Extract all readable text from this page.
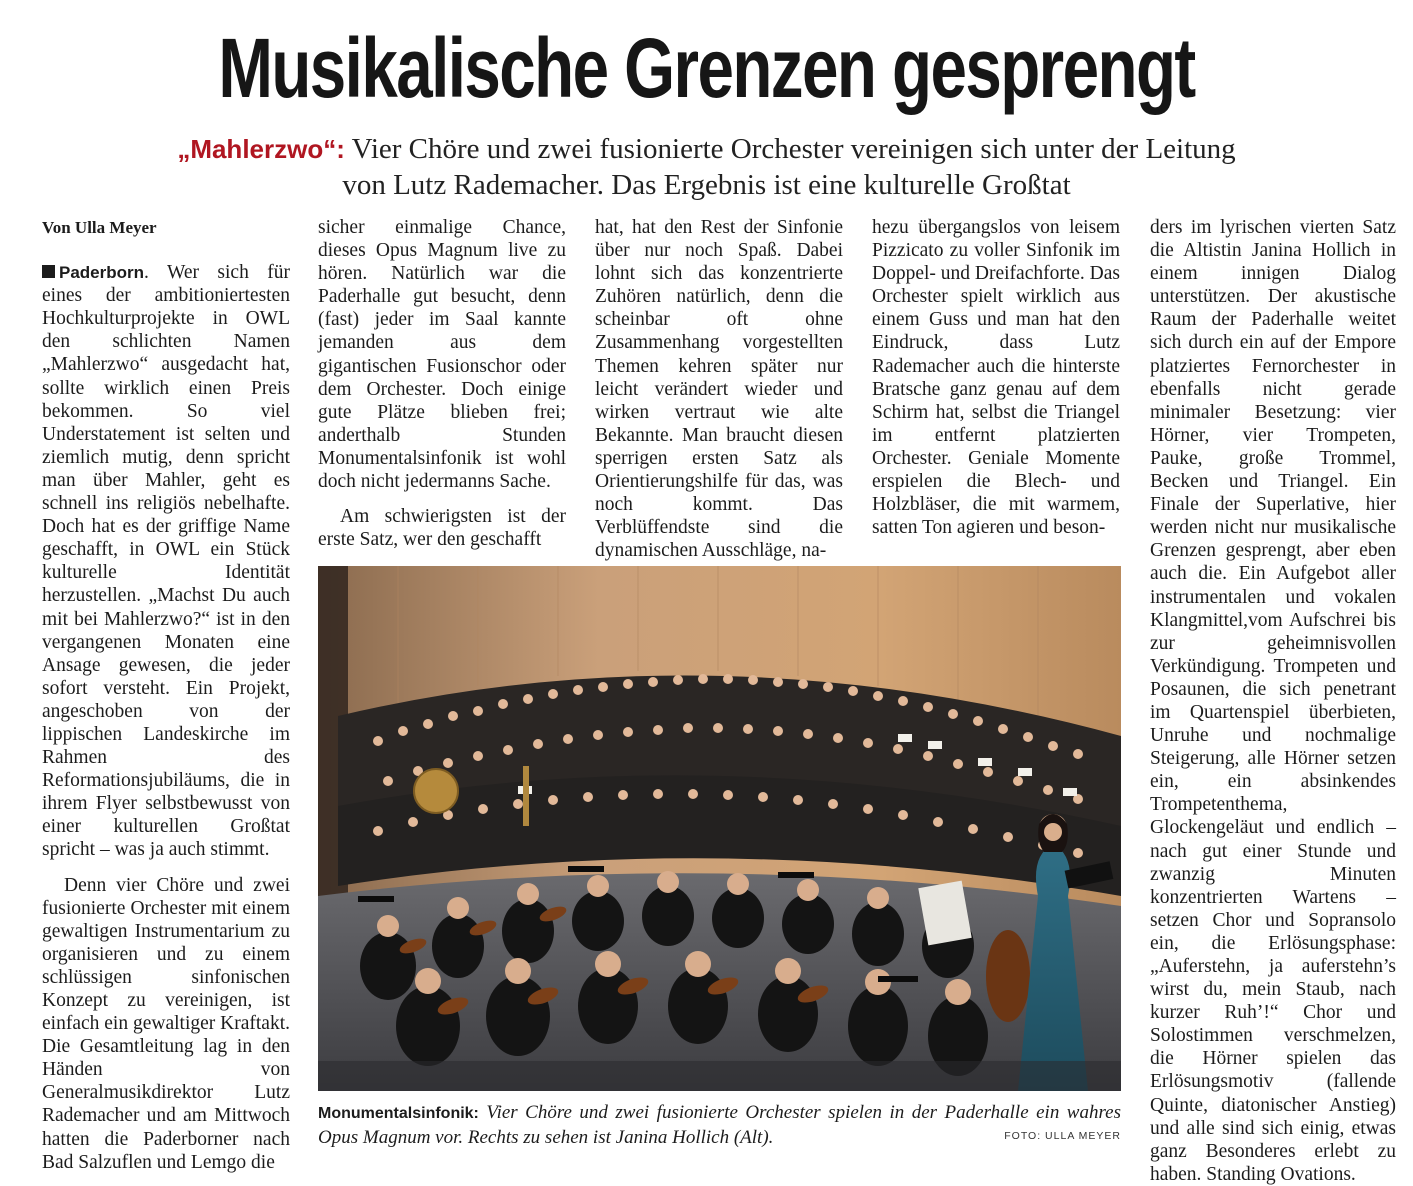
Musikalische Grenzen gesprengt
„Mahlerzwo“: Vier Chöre und zwei fusionierte Orchester vereinigen sich unter der Leitung
von Lutz Rademacher. Das Ergebnis ist eine kulturelle Großtat

Von Ulla Meyer

Paderborn. Wer sich für eines der ambitioniertesten Hochkulturprojekte in OWL den schlichten Namen „Mahlerzwo“ ausgedacht hat, sollte wirklich einen Preis bekommen. So viel Understatement ist selten und ziemlich mutig, denn spricht man über Mahler, geht es schnell ins religiös nebelhafte. Doch hat es der griffige Name geschafft, in OWL ein Stück kulturelle Identität herzustellen. „Machst Du auch mit bei Mahlerzwo?“ ist in den vergangenen Monaten eine Ansage gewesen, die jeder sofort versteht. Ein Projekt, angeschoben von der lippischen Landeskirche im Rahmen des Reformationsjubiläums, die in ihrem Flyer selbstbewusst von einer kulturellen Großtat spricht – was ja auch stimmt.

Denn vier Chöre und zwei fusionierte Orchester mit einem gewaltigen Instrumentarium zu organisieren und zu einem schlüssigen sinfonischen Konzept zu vereinigen, ist einfach ein gewaltiger Kraftakt. Die Gesamtleitung lag in den Händen von Generalmusikdirektor Lutz Rademacher und am Mittwoch hatten die Paderborner nach Bad Salzuflen und Lemgo die

sicher einmalige Chance, dieses Opus Magnum live zu hören. Natürlich war die Paderhalle gut besucht, denn (fast) jeder im Saal kannte jemanden aus dem gigantischen Fusionschor oder dem Orchester. Doch einige gute Plätze blieben frei; anderthalb Stunden Monumentalsinfonik ist wohl doch nicht jedermanns Sache.

Am schwierigsten ist der erste Satz, wer den geschafft

hat, hat den Rest der Sinfonie über nur noch Spaß. Dabei lohnt sich das konzentrierte Zuhören natürlich, denn die scheinbar oft ohne Zusammenhang vorgestellten Themen kehren später nur leicht verändert wieder und wirken vertraut wie alte Bekannte. Man braucht diesen sperrigen ersten Satz als Orientierungshilfe für das, was noch kommt. Das Verblüffendste sind die dynamischen Ausschläge, na-

hezu übergangslos von leisem Pizzicato zu voller Sinfonik im Doppel- und Dreifachforte. Das Orchester spielt wirklich aus einem Guss und man hat den Eindruck, dass Lutz Rademacher auch die hinterste Bratsche ganz genau auf dem Schirm hat, selbst die Triangel im entfernt platzierten Orchester. Geniale Momente erspielen die Blech- und Holzbläser, die mit warmem, satten Ton agieren und beson-

ders im lyrischen vierten Satz die Altistin Janina Hollich in einem innigen Dialog unterstützen. Der akustische Raum der Paderhalle weitet sich durch ein auf der Empore platziertes Fernorchester in ebenfalls nicht gerade minimaler Besetzung: vier Hörner, vier Trompeten, Pauke, große Trommel, Becken und Triangel. Ein Finale der Superlative, hier werden nicht nur musikalische Grenzen gesprengt, aber eben auch die. Ein Aufgebot aller instrumentalen und vokalen Klangmittel,vom Aufschrei bis zur geheimnisvollen Verkündigung. Trompeten und Posaunen, die sich penetrant im Quartenspiel überbieten, Unruhe und nochmalige Steigerung, alle Hörner setzen ein, ein absinkendes Trompetenthema, Glockengeläut und endlich – nach gut einer Stunde und zwanzig Minuten konzentrierten Wartens – setzen Chor und Sopransolo ein, die Erlösungsphase: „Auferstehn, ja auferstehn’s wirst du, mein Staub, nach kurzer Ruh’!“ Chor und Solostimmen verschmelzen, die Hörner spielen das Erlösungsmotiv (fallende Quinte, diatonischer Anstieg) und alle sind sich einig, etwas ganz Besonderes erlebt zu haben. Standing Ovations.

Monumentalsinfonik: Vier Chöre und zwei fusionierte Orchester spielen in der Paderhalle ein wahres Opus Magnum vor. Rechts zu sehen ist Janina Hollich (Alt).	FOTO: ULLA MEYER
